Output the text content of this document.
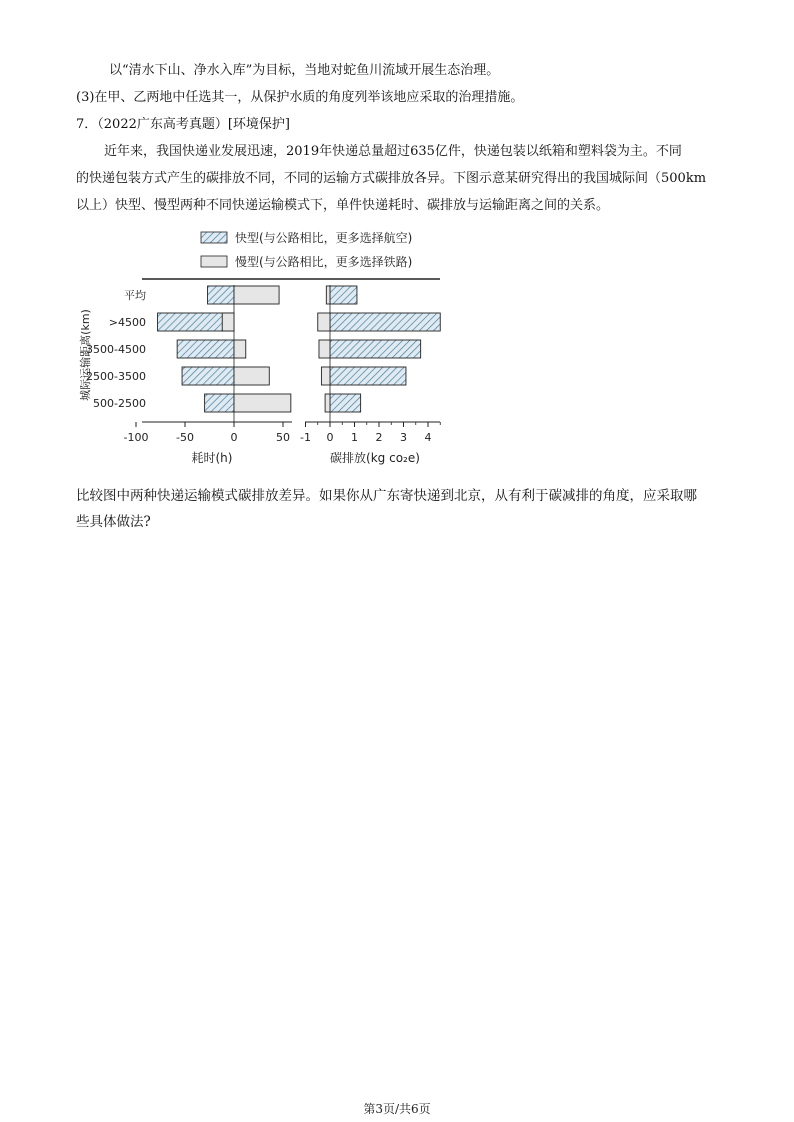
以“清水下山、净水入库”为目标，当地对蛇鱼川流域开展生态治理。
(3)在甲、乙两地中任选其一，从保护水质的角度列举该地应采取的治理措施。
7．（2022广东高考真题）[环境保护]
近年来，我国快递业发展迅速，2019年快递总量超过635亿件，快递包装以纸箱和塑料袋为主。不同
的快递包装方式产生的碳排放不同，不同的运输方式碳排放各异。下图示意某研究得出的我国城际间（500km
以上）快型、慢型两种不同快递运输模式下，单件快递耗时、碳排放与运输距离之间的关系。
快型(与公路相比，更多选择航空)
慢型(与公路相比，更多选择铁路)
城际运输距离(km)
平均
>4500
3500-4500
2500-3500
500-2500
-100	-50	0	50
耗时(h)
-1 0 1 2 3 4
碳排放(kg co₂e)
比较图中两种快递运输模式碳排放差异。如果你从广东寄快递到北京，从有利于碳减排的角度，应采取哪
些具体做法?
第3页/共6页
